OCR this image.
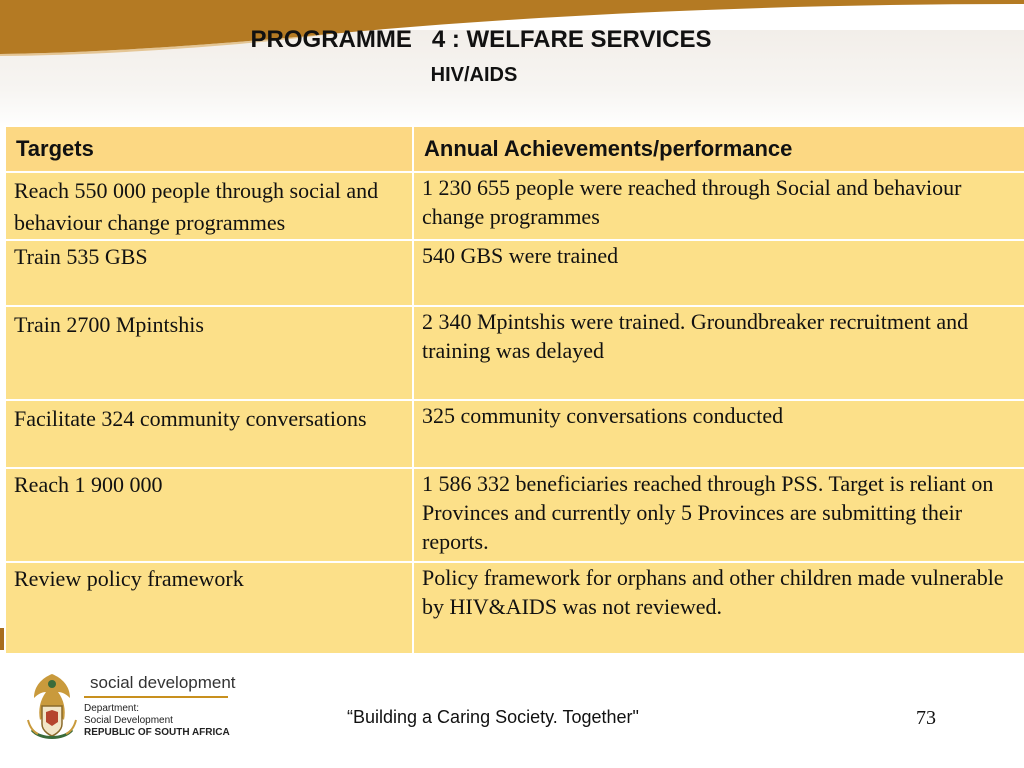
PROGRAMME   4 : WELFARE SERVICES
HIV/AIDS
Targets	Annual Achievements/performance
Reach 550 000 people through social and behaviour change programmes	1 230 655 people were reached through Social and behaviour change programmes
Train 535 GBS	540 GBS were trained
Train 2700 Mpintshis	2 340 Mpintshis were trained. Groundbreaker recruitment and training was delayed
Facilitate 324 community conversations	325 community conversations conducted
Reach 1 900 000	1 586 332 beneficiaries reached through PSS. Target is reliant on Provinces and currently only 5 Provinces are submitting their reports.
Review policy framework	Policy framework for orphans and other children made vulnerable by HIV&AIDS was not reviewed.
social development
Department:
Social Development
REPUBLIC OF SOUTH AFRICA
“Building a Caring Society. Together"	73
